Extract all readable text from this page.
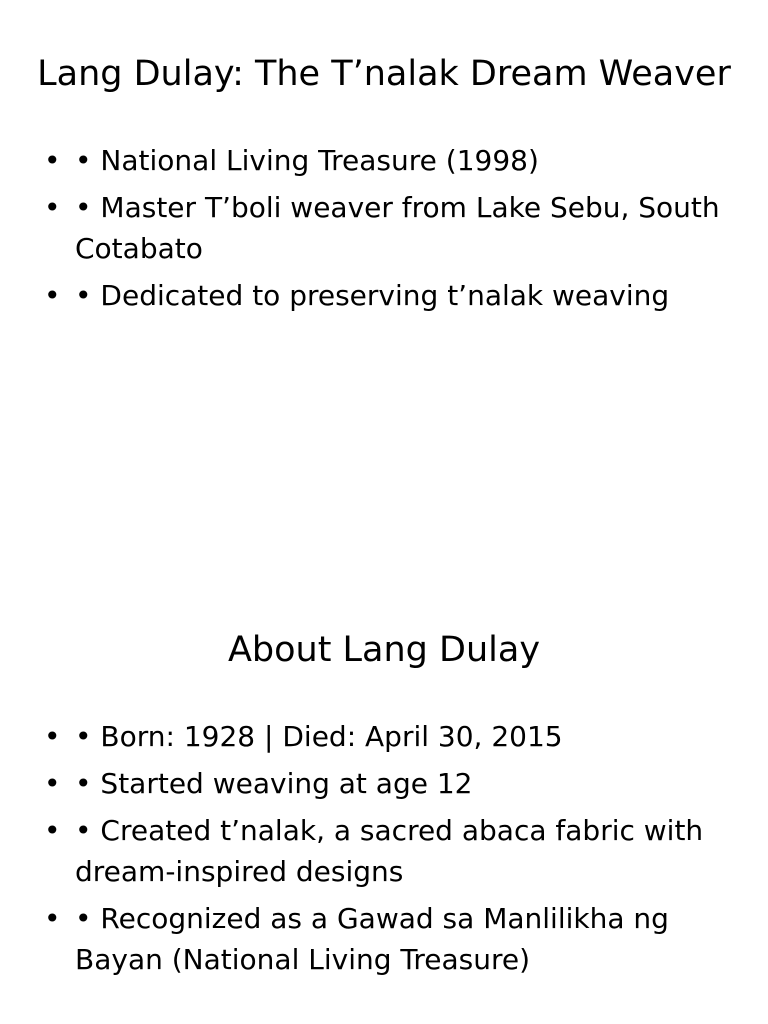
Lang Dulay: The T’nalak Dream Weaver
• • National Living Treasure (1998)
• • Master T’boli weaver from Lake Sebu, South Cotabato
• • Dedicated to preserving t’nalak weaving
About Lang Dulay
• • Born: 1928 | Died: April 30, 2015
• • Started weaving at age 12
• • Created t’nalak, a sacred abaca fabric with dream-inspired designs
• • Recognized as a Gawad sa Manlilikha ng Bayan (National Living Treasure)
